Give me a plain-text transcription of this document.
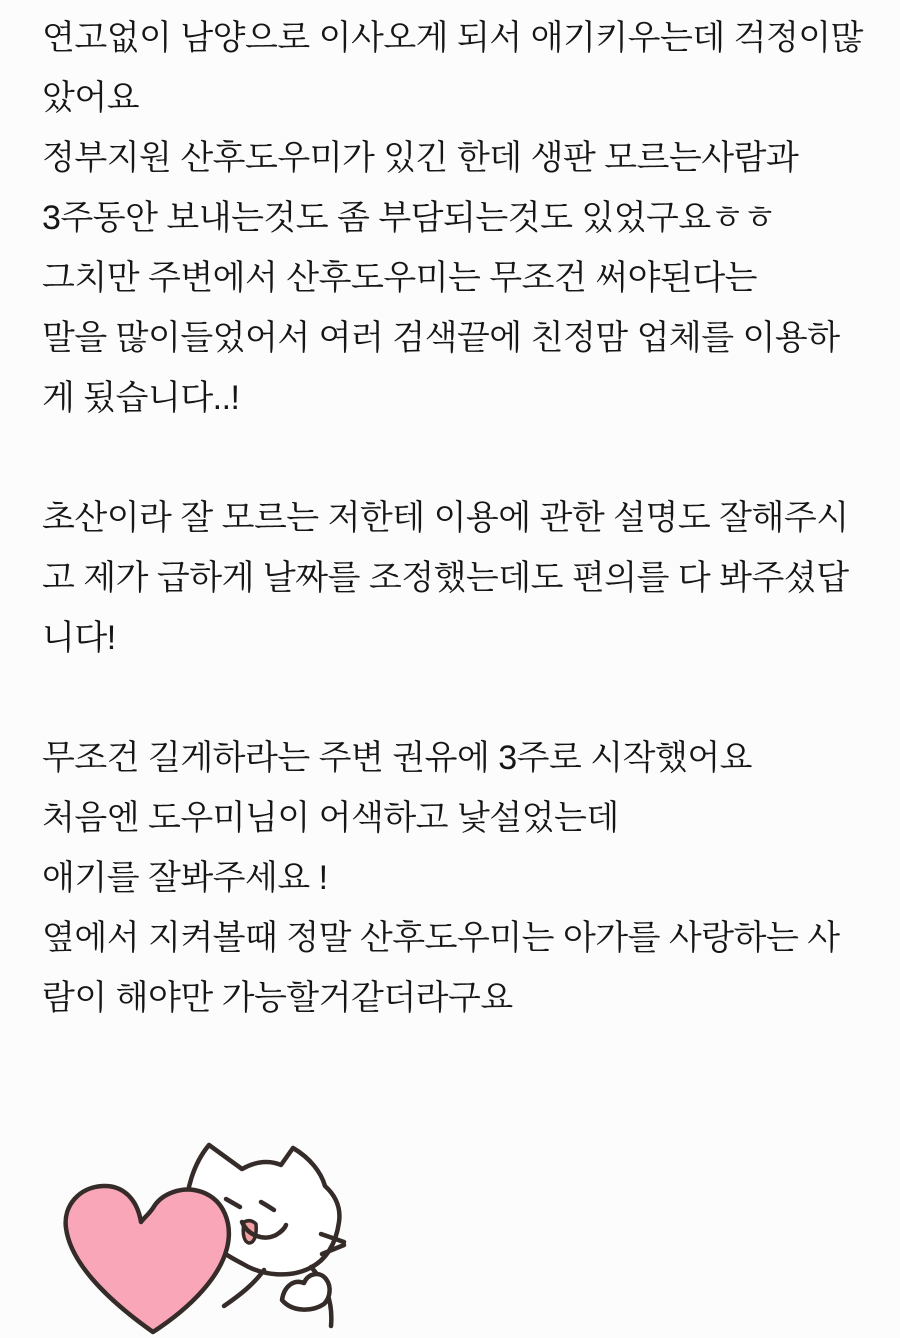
연고없이 남양으로 이사오게 되서 애기키우는데 걱정이많
았어요
정부지원 산후도우미가 있긴 한데 생판 모르는사람과
3주동안 보내는것도 좀 부담되는것도 있었구요ㅎㅎ
그치만 주변에서 산후도우미는 무조건 써야된다는
말을 많이들었어서 여러 검색끝에 친정맘 업체를 이용하
게 됬습니다..!
초산이라 잘 모르는 저한테 이용에 관한 설명도 잘해주시
고 제가 급하게 날짜를 조정했는데도 편의를 다 봐주셨답
니다!
무조건 길게하라는 주변 권유에 3주로 시작했어요
처음엔 도우미님이 어색하고 낯설었는데
애기를 잘봐주세요 !
옆에서 지켜볼때 정말 산후도우미는 아가를 사랑하는 사
람이 해야만 가능할거같더라구요
